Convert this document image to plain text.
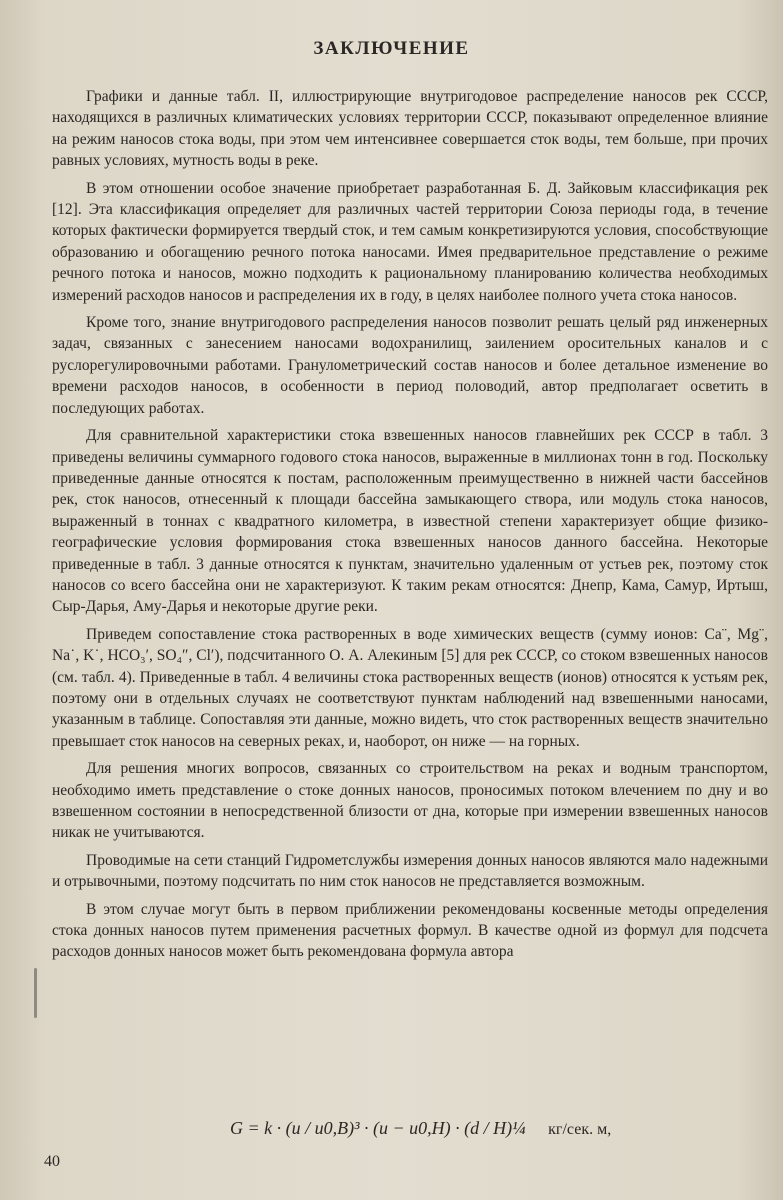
ЗАКЛЮЧЕНИЕ

Графики и данные табл. II, иллюстрирующие внутригодовое распределение наносов рек СССР, находящихся в различных климатических условиях территории СССР, показывают определенное влияние на режим наносов стока воды, при этом чем интенсивнее совершается сток воды, тем больше, при прочих равных условиях, мутность воды в реке.

В этом отношении особое значение приобретает разработанная Б. Д. Зайковым классификация рек [12]. Эта классификация определяет для различных частей территории Союза периоды года, в течение которых фактически формируется твердый сток, и тем самым конкретизируются условия, способствующие образованию и обогащению речного потока наносами. Имея предварительное представление о режиме речного потока и наносов, можно подходить к рациональному планированию количества необходимых измерений расходов наносов и распределения их в году, в целях наиболее полного учета стока наносов.

Кроме того, знание внутригодового распределения наносов позволит решать целый ряд инженерных задач, связанных с занесением наносами водохранилищ, заилением оросительных каналов и с руслорегулировочными работами. Гранулометрический состав наносов и более детальное изменение во времени расходов наносов, в особенности в период половодий, автор предполагает осветить в последующих работах.

Для сравнительной характеристики стока взвешенных наносов главнейших рек СССР в табл. 3 приведены величины суммарного годового стока наносов, выраженные в миллионах тонн в год. Поскольку приведенные данные относятся к постам, расположенным преимущественно в нижней части бассейнов рек, сток наносов, отнесенный к площади бассейна замыкающего створа, или модуль стока наносов, выраженный в тоннах с квадратного километра, в известной степени характеризует общие физико-географические условия формирования стока взвешенных наносов данного бассейна. Некоторые приведенные в табл. 3 данные относятся к пунктам, значительно удаленным от устьев рек, поэтому сток наносов со всего бассейна они не характеризуют. К таким рекам относятся: Днепр, Кама, Самур, Иртыш, Сыр-Дарья, Аму-Дарья и некоторые другие реки.

Приведем сопоставление стока растворенных в воде химических веществ (сумму ионов: Ca¨, Mg¨, Na˙, K˙, HCO₃′, SO₄″, Cl′), подсчитанного О. А. Алекиным [5] для рек СССР, со стоком взвешенных наносов (см. табл. 4). Приведенные в табл. 4 величины стока растворенных веществ (ионов) относятся к устьям рек, поэтому они в отдельных случаях не соответствуют пунктам наблюдений над взвешенными наносами, указанным в таблице. Сопоставляя эти данные, можно видеть, что сток растворенных веществ значительно превышает сток наносов на северных реках, и, наоборот, он ниже — на горных.

Для решения многих вопросов, связанных со строительством на реках и водным транспортом, необходимо иметь представление о стоке донных наносов, проносимых потоком влечением по дну и во взвешенном состоянии в непосредственной близости от дна, которые при измерении взвешенных наносов никак не учитываются.

Проводимые на сети станций Гидрометслужбы измерения донных наносов являются мало надежными и отрывочными, поэтому подсчитать по ним сток наносов не представляется возможным.

В этом случае могут быть в первом приближении рекомендованы косвенные методы определения стока донных наносов путем применения расчетных формул. В качестве одной из формул для подсчета расходов донных наносов может быть рекомендована формула автора

G = k · (u / u0,B)³ · (u − u0,H) · (d / H)¼ кг/сек. м,
40
